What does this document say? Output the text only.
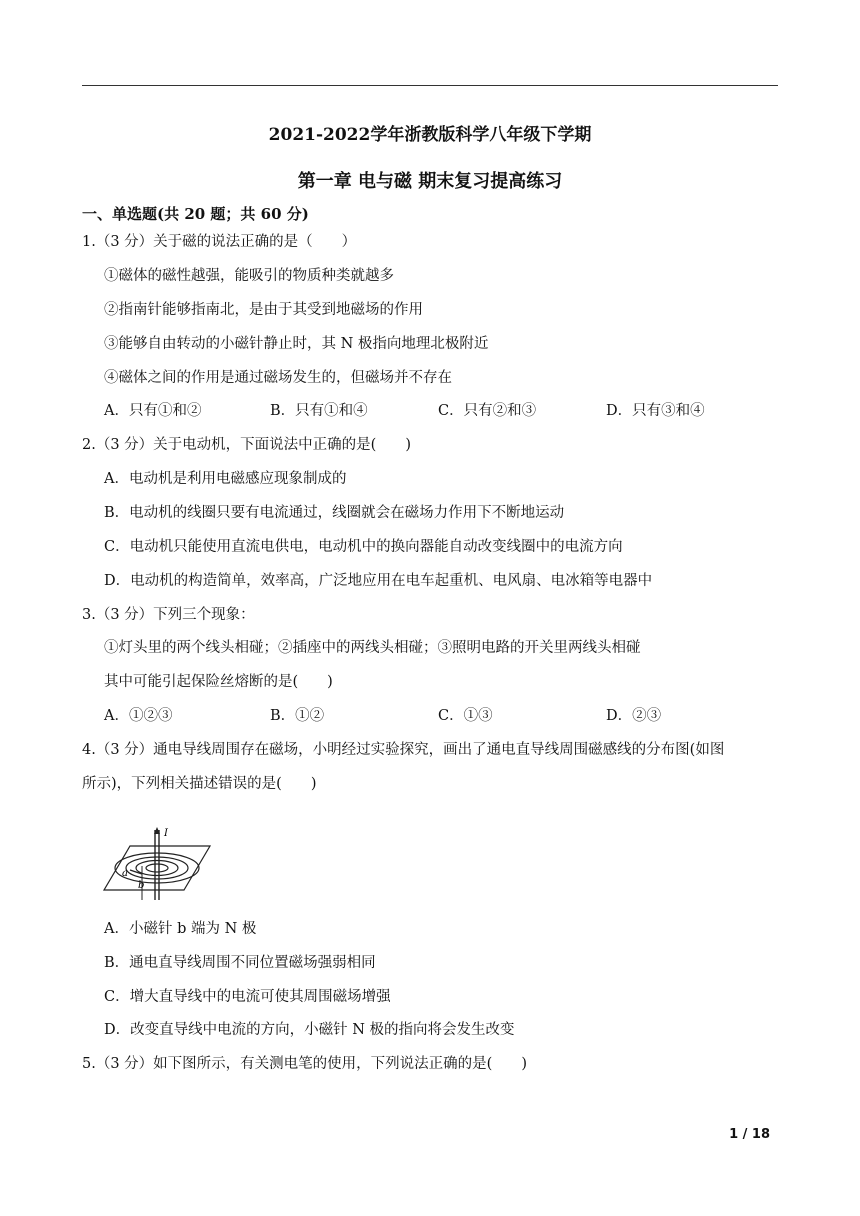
2021-2022学年浙教版科学八年级下学期
第一章 电与磁 期末复习提高练习
一、单选题(共 20 题；共 60 分)
1.（3 分）关于磁的说法正确的是（　　）
①磁体的磁性越强，能吸引的物质种类就越多
②指南针能够指南北，是由于其受到地磁场的作用
③能够自由转动的小磁针静止时，其 N 极指向地理北极附近
④磁体之间的作用是通过磁场发生的，但磁场并不存在
A．只有①和②	B．只有①和④	C．只有②和③	D．只有③和④
2.（3 分）关于电动机，下面说法中正确的是(　　)
A．电动机是利用电磁感应现象制成的
B．电动机的线圈只要有电流通过，线圈就会在磁场力作用下不断地运动
C．电动机只能使用直流电供电，电动机中的换向器能自动改变线圈中的电流方向
D．电动机的构造简单，效率高，广泛地应用在电车起重机、电风扇、电冰箱等电器中
3.（3 分）下列三个现象：
①灯头里的两个线头相碰；②插座中的两线头相碰；③照明电路的开关里两线头相碰
其中可能引起保险丝熔断的是(　　)
A．①②③	B．①②	C．①③	D．②③
4.（3 分）通电导线周围存在磁场，小明经过实验探究，画出了通电直导线周围磁感线的分布图(如图
所示)，下列相关描述错误的是(　　)
I
a
b
A．小磁针 b 端为 N 极
B．通电直导线周围不同位置磁场强弱相同
C．增大直导线中的电流可使其周围磁场增强
D．改变直导线中电流的方向，小磁针 N 极的指向将会发生改变
5.（3 分）如下图所示，有关测电笔的使用，下列说法正确的是(　　)
1 / 18
